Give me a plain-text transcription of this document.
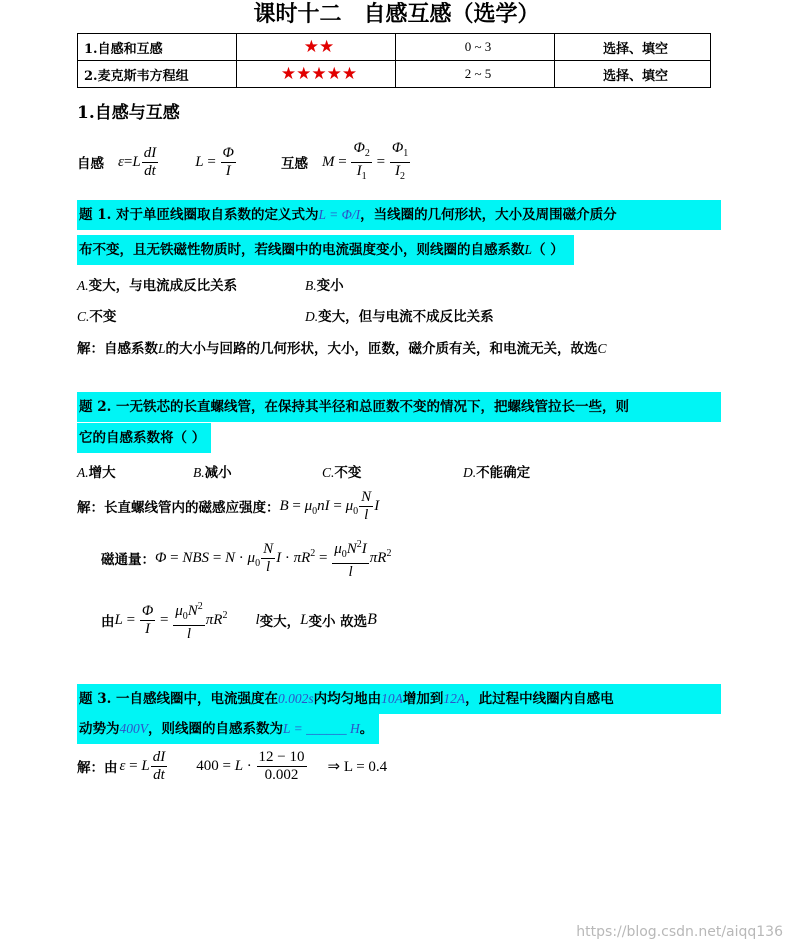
课时十二　自感互感（选学）
1.自感和互感	★★	0 ~ 3	选择、填空
2.麦克斯韦方程组	★★★★★	2 ~ 5	选择、填空
1.自感与互感
自感 $\varepsilon=L \frac{dI}{dt}$ $L = \frac{\Phi}{I}$	互感 $M = \frac{\Phi_2}{I_1} = \frac{\Phi_1}{I_2}$
题 1. 对于单匝线圈取自系数的定义式为L = Φ/I，当线圈的几何形状，大小及周围磁介质分
布不变，且无铁磁性物质时，若线圈中的电流强度变小，则线圈的自感系数L（ ）
A.变大，与电流成反比关系	B.变小
C.不变	D.变大，但与电流不成反比关系
解：自感系数L的大小与回路的几何形状，大小，匝数，磁介质有关，和电流无关，故选C
题 2. 一无铁芯的长直螺线管，在保持其半径和总匝数不变的情况下，把螺线管拉长一些，则
它的自感系数将（ ）
A.增大	B.减小	C.不变	D.不能确定
解： 长直螺线管内的磁感应强度： $B = \mu_0nI = \mu_0 \frac{N}{l}$ I
磁通量： Φ = NBS = $N \cdot \mu_0 \frac{N}{l}$ $I \cdot \pi R^2 = \frac{\mu_0N^2I}{l} \pi R^2$
由 $L = \frac{\Phi}{I} = \frac{\mu_0N^2}{l} \pi R^2$ l 变大， L 变小 故选 B
题 3. 一自感线圈中，电流强度在0.002s内均匀地由10A增加到12A，此过程中线圈内自感电
动势为400V，则线圈的自感系数为L = ______ H。
解： 由 ε = L $\frac{dI}{dt} 400 = L \cdot \frac{12 - 10}{0.002}$ ⇒ L = 0.4
https://blog.csdn.net/aiqq136
